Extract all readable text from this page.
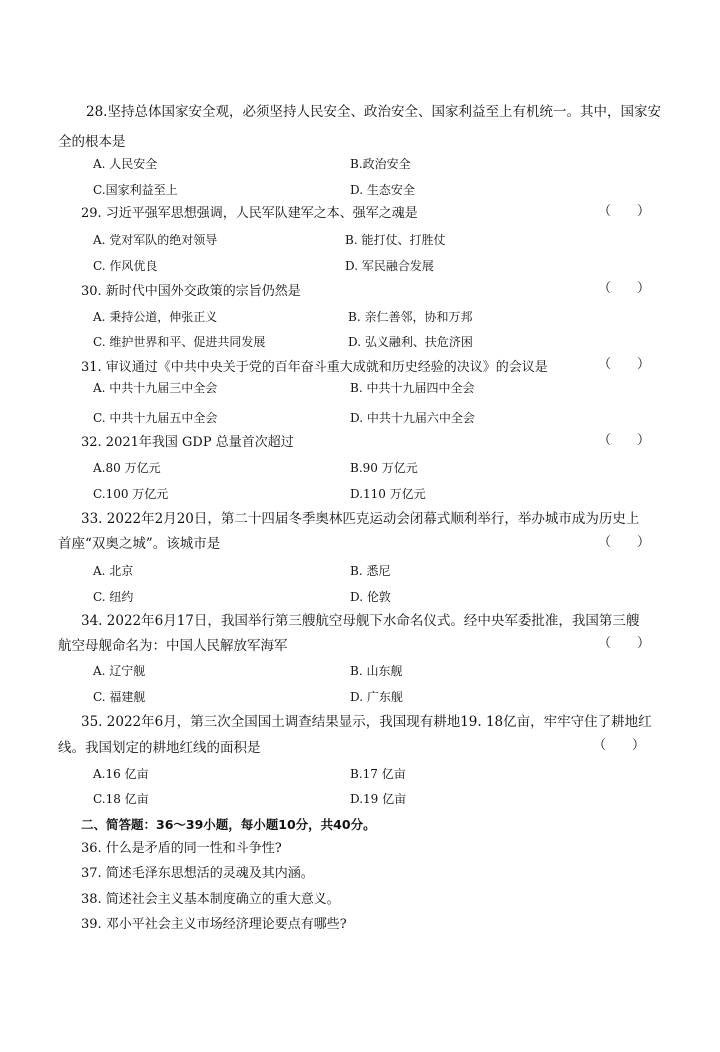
28.坚持总体国家安全观，必须坚持人民安全、政治安全、国家利益至上有机统一。其中，国家安
全的根本是
A. 人民安全	B.政治安全
C.国家利益至上	D. 生态安全
29. 习近平强军思想强调，人民军队建军之本、强军之魂是	（　　）
A. 党对军队的绝对领导	B. 能打仗、打胜仗
C. 作风优良	D. 军民融合发展
30. 新时代中国外交政策的宗旨仍然是	（　　）
A. 秉持公道，伸张正义	B. 亲仁善邻，协和万邦
C. 维护世界和平、促进共同发展	D. 弘义融利、扶危济困
31. 审议通过《中共中央关于党的百年奋斗重大成就和历史经验的决议》的会议是	（　　）
A. 中共十九届三中全会	B. 中共十九届四中全会
C. 中共十九届五中全会	D. 中共十九届六中全会
32. 2021年我国 GDP 总量首次超过	（　　）
A.80 万亿元	B.90 万亿元
C.100 万亿元	D.110 万亿元
33. 2022年2月20日，第二十四届冬季奥林匹克运动会闭幕式顺利举行，举办城市成为历史上
首座“双奥之城”。该城市是	（　　）
A. 北京	B. 悉尼
C. 纽约	D. 伦敦
34. 2022年6月17日，我国举行第三艘航空母舰下水命名仪式。经中央军委批准，我国第三艘
航空母舰命名为：中国人民解放军海军	（　　）
A. 辽宁舰	B. 山东舰
C. 福建舰	D. 广东舰
35. 2022年6月，第三次全国国土调查结果显示，我国现有耕地19. 18亿亩，牢牢守住了耕地红
线。我国划定的耕地红线的面积是	（　　）
A.16 亿亩	B.17 亿亩
C.18 亿亩	D.19 亿亩
二、简答题：36～39小题，每小题10分，共40分。
36. 什么是矛盾的同一性和斗争性?
37. 简述毛泽东思想活的灵魂及其内涵。
38. 简述社会主义基本制度确立的重大意义。
39. 邓小平社会主义市场经济理论要点有哪些?
